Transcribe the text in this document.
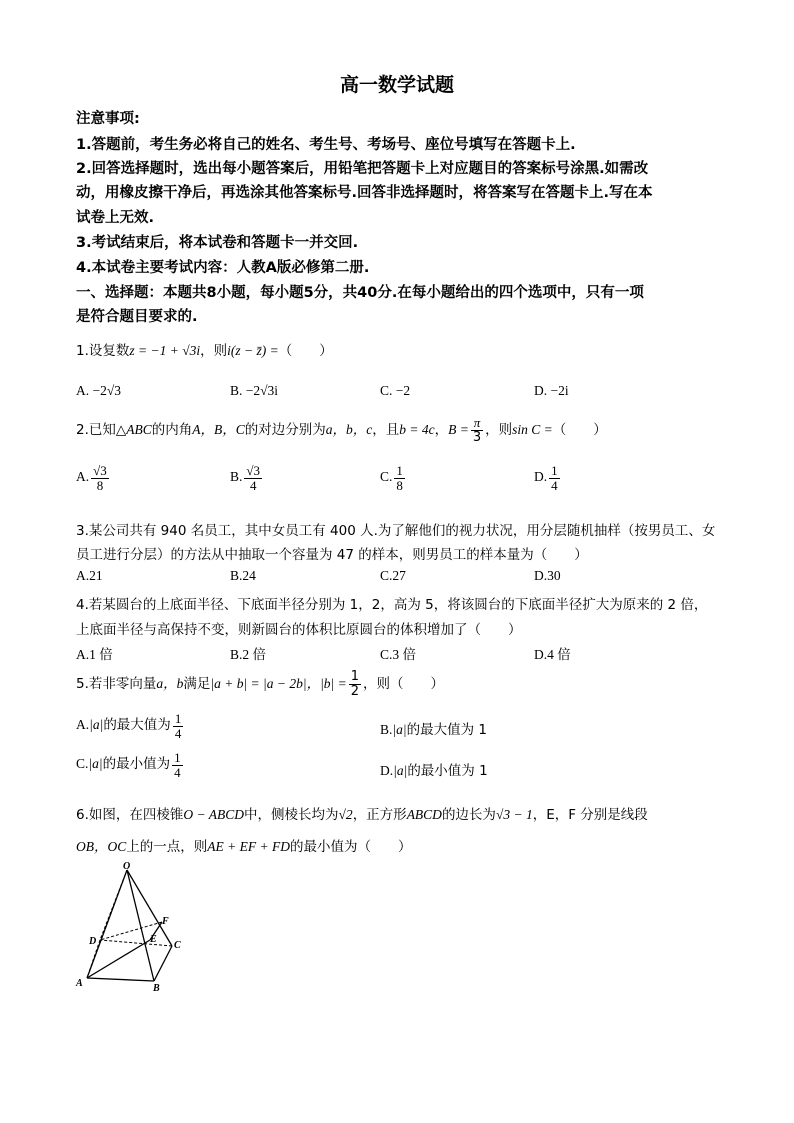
高一数学试题
注意事项:
1.答题前，考生务必将自己的姓名、考生号、考场号、座位号填写在答题卡上.
2.回答选择题时，选出每小题答案后，用铅笔把答题卡上对应题目的答案标号涂黑.如需改
动，用橡皮擦干净后，再选涂其他答案标号.回答非选择题时，将答案写在答题卡上.写在本
试卷上无效.
3.考试结束后，将本试卷和答题卡一并交回.
4.本试卷主要考试内容：人教A版必修第二册.
一、选择题：本题共8小题，每小题5分，共40分.在每小题给出的四个选项中，只有一项
是符合题目要求的.
1.设复数z = −1 + √3i，则i(z − z̄) =（　　）
A. −2√3	B. −2√3i	C. −2	D. −2i
2.已知△ABC的内角A，B，C的对边分别为a，b，c，且b = 4c，$B = \frac{\pi}{3}$ ，则sin C =（　　）
A. $\frac{√3}{8}$	B. $\frac{√3}{4}$	C. $\frac{1}{8}$	D. $\frac{1}{4}$
3.某公司共有 940 名员工，其中女员工有 400 人.为了解他们的视力状况，用分层随机抽样（按男员工、女
员工进行分层）的方法从中抽取一个容量为 47 的样本，则男员工的样本量为（　　）
A.21	B.24	C.27	D.30
4.若某圆台的上底面半径、下底面半径分别为 1，2，高为 5，将该圆台的下底面半径扩大为原来的 2 倍，
上底面半径与高保持不变，则新圆台的体积比原圆台的体积增加了（　　）
A.1 倍	B.2 倍	C.3 倍	D.4 倍
5.若非零向量a，b满足|a + b| = |a − 2b|，$|b| = \frac{1}{2}$ ，则（　　）
A.|a|的最大值为 $\frac{1}{4}$	B.|a|的最大值为 1
C.|a|的最小值为 $\frac{1}{4}$	D.|a|的最小值为 1
6.如图，在四棱锥O − ABCD中，侧棱长均为√2，正方形ABCD的边长为√3 − 1，E，F 分别是线段
OB，OC上的一点，则AE + EF + FD的最小值为（　　）
O
A	B
C
D	E
F
